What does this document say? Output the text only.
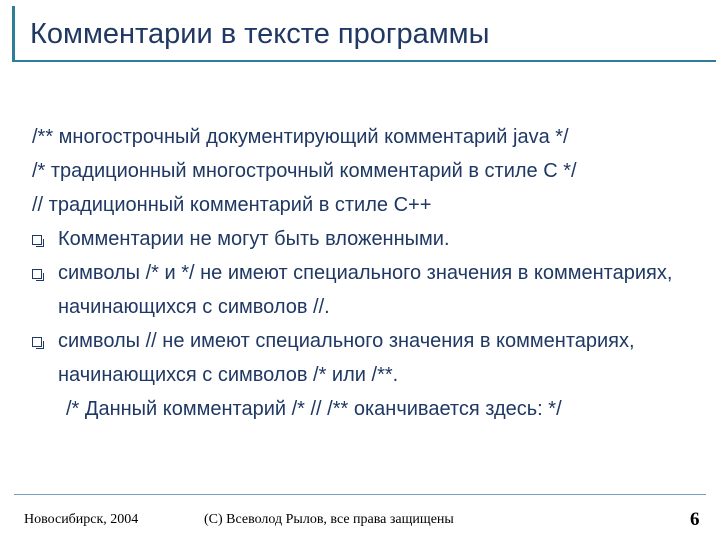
Комментарии в тексте программы
/** многострочный документирующий комментарий java */
/* традиционный многострочный комментарий в стиле С */
// традиционный комментарий в стиле С++
Комментарии не могут быть вложенными.
символы /* и */ не имеют специального значения в комментариях, начинающихся с символов //.
символы // не имеют специального значения в комментариях, начинающихся с символов /* или /**.
/* Данный комментарий /* // /** оканчивается здесь: */
Новосибирск, 2004	(С) Всеволод Рылов, все права защищены	6
